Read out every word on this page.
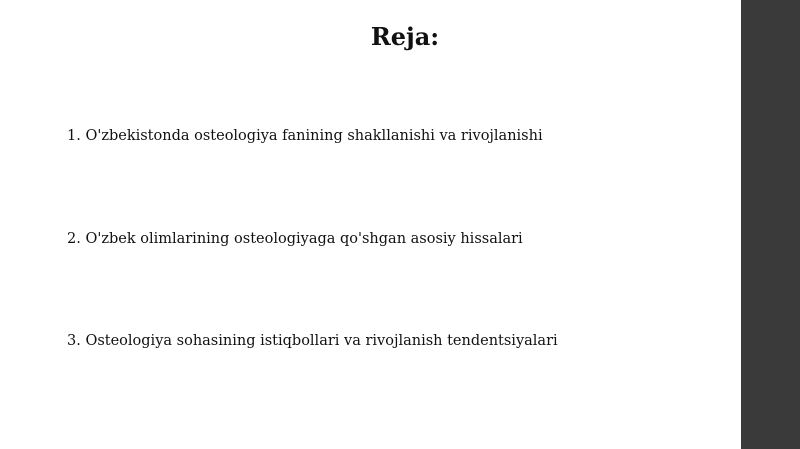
Reja:
1. O'zbekistonda osteologiya fanining shakllanishi va rivojlanishi
2. O'zbek olimlarining osteologiyaga qo'shgan asosiy hissalari
3. Osteologiya sohasining istiqbollari va rivojlanish tendentsiyalari
